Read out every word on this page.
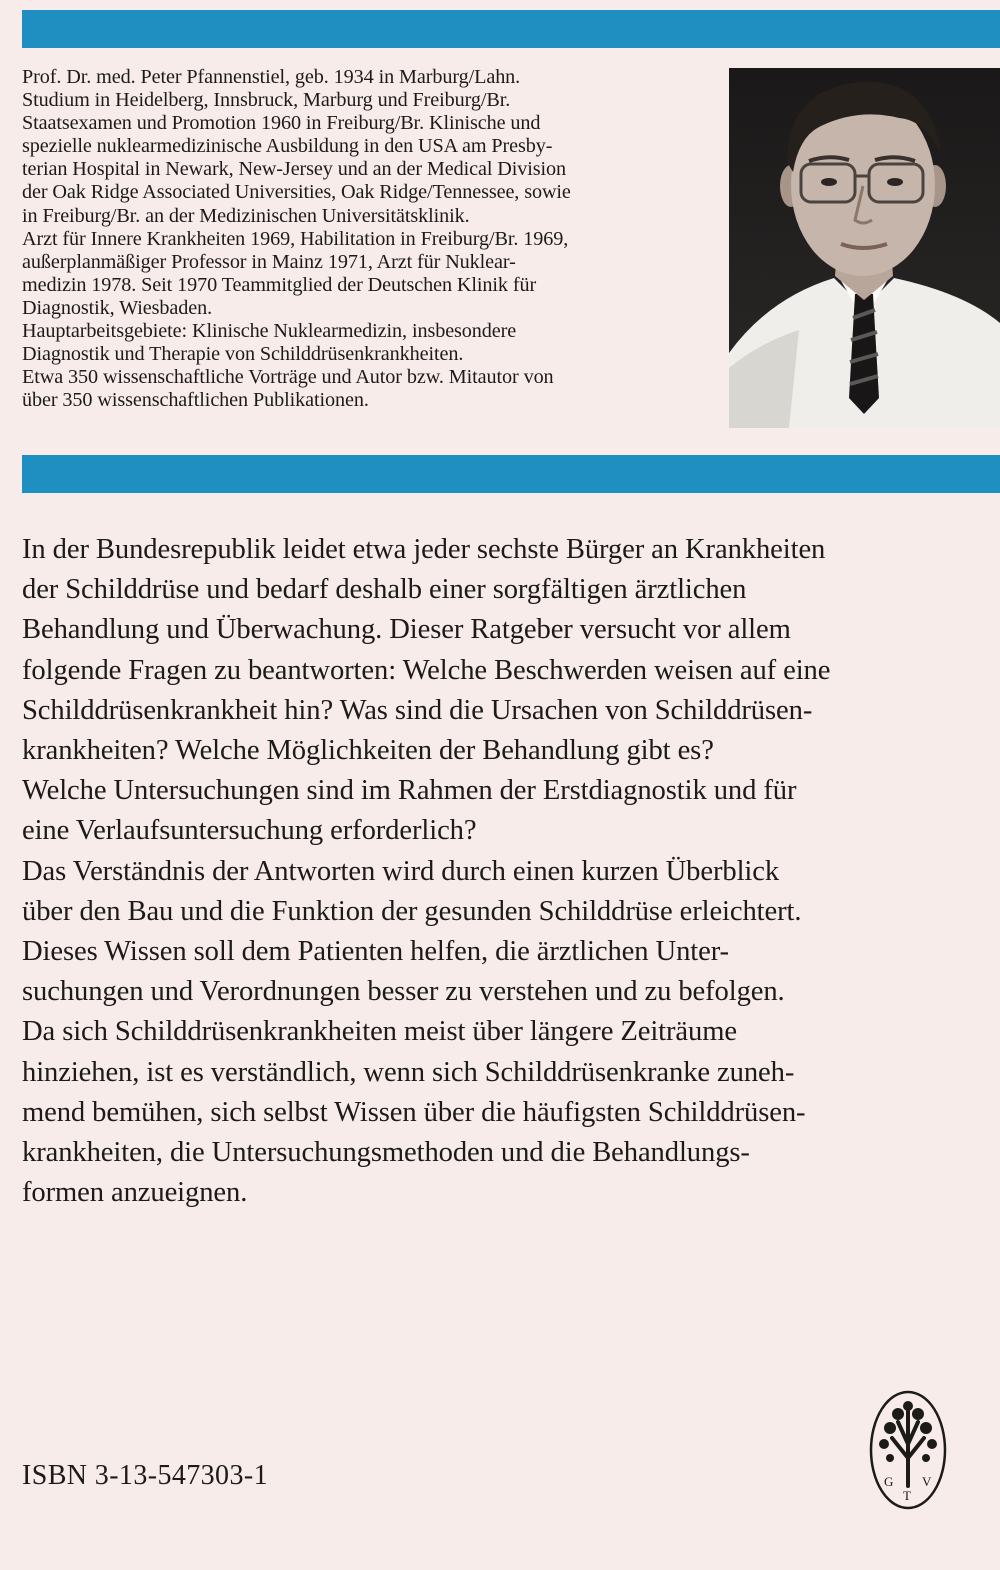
Prof. Dr. med. Peter Pfannenstiel, geb. 1934 in Marburg/Lahn.
Studium in Heidelberg, Innsbruck, Marburg und Freiburg/Br.
Staatsexamen und Promotion 1960 in Freiburg/Br. Klinische und
spezielle nuklearmedizinische Ausbildung in den USA am Presby-
terian Hospital in Newark, New-Jersey und an der Medical Division
der Oak Ridge Associated Universities, Oak Ridge/Tennessee, sowie
in Freiburg/Br. an der Medizinischen Universitätsklinik.
Arzt für Innere Krankheiten 1969, Habilitation in Freiburg/Br. 1969,
außerplanmäßiger Professor in Mainz 1971, Arzt für Nuklear-
medizin 1978. Seit 1970 Teammitglied der Deutschen Klinik für
Diagnostik, Wiesbaden.
Hauptarbeitsgebiete: Klinische Nuklearmedizin, insbesondere
Diagnostik und Therapie von Schilddrüsenkrankheiten.
Etwa 350 wissenschaftliche Vorträge und Autor bzw. Mitautor von
über 350 wissenschaftlichen Publikationen.
In der Bundesrepublik leidet etwa jeder sechste Bürger an Krankheiten
der Schilddrüse und bedarf deshalb einer sorgfältigen ärztlichen
Behandlung und Überwachung. Dieser Ratgeber versucht vor allem
folgende Fragen zu beantworten: Welche Beschwerden weisen auf eine
Schilddrüsenkrankheit hin? Was sind die Ursachen von Schilddrüsen-
krankheiten? Welche Möglichkeiten der Behandlung gibt es?
Welche Untersuchungen sind im Rahmen der Erstdiagnostik und für
eine Verlaufsuntersuchung erforderlich?
Das Verständnis der Antworten wird durch einen kurzen Überblick
über den Bau und die Funktion der gesunden Schilddrüse erleichtert.
Dieses Wissen soll dem Patienten helfen, die ärztlichen Unter-
suchungen und Verordnungen besser zu verstehen und zu befolgen.
Da sich Schilddrüsenkrankheiten meist über längere Zeiträume
hinziehen, ist es verständlich, wenn sich Schilddrüsenkranke zuneh-
mend bemühen, sich selbst Wissen über die häufigsten Schilddrüsen-
krankheiten, die Untersuchungsmethoden und die Behandlungs-
formen anzueignen.
ISBN 3-13-547303-1	G
T
V
